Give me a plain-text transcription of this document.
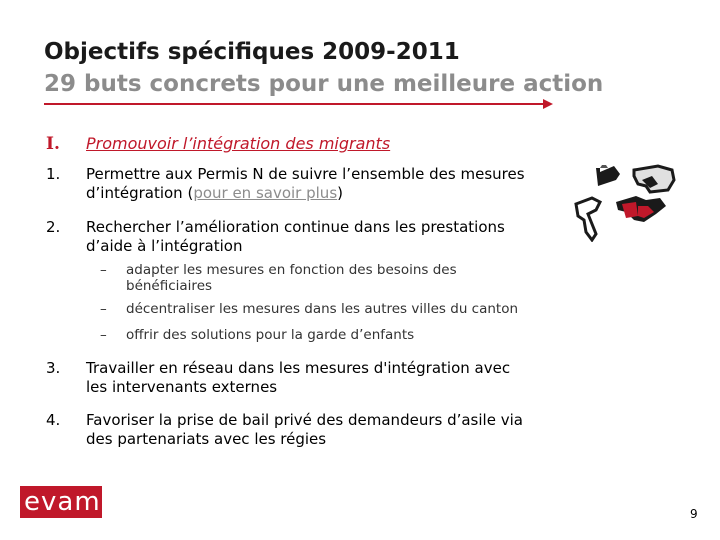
Objectifs spécifiques 2009-2011
29 buts concrets pour une meilleure action
I. Promouvoir l’intégration des migrants
1. Permettre aux Permis N de suivre l’ensemble des mesures
d’intégration (pour en savoir plus)
2. Rechercher l’amélioration continue dans les prestations
d’aide à l’intégration
– adapter les mesures en fonction des besoins des
bénéficiaires
– décentraliser les mesures dans les autres villes du canton
– offrir des solutions pour la garde d’enfants
3. Travailler en réseau dans les mesures d'intégration avec
les intervenants externes
4. Favoriser la prise de bail privé des demandeurs d’asile via
des partenariats avec les régies
evam	9
